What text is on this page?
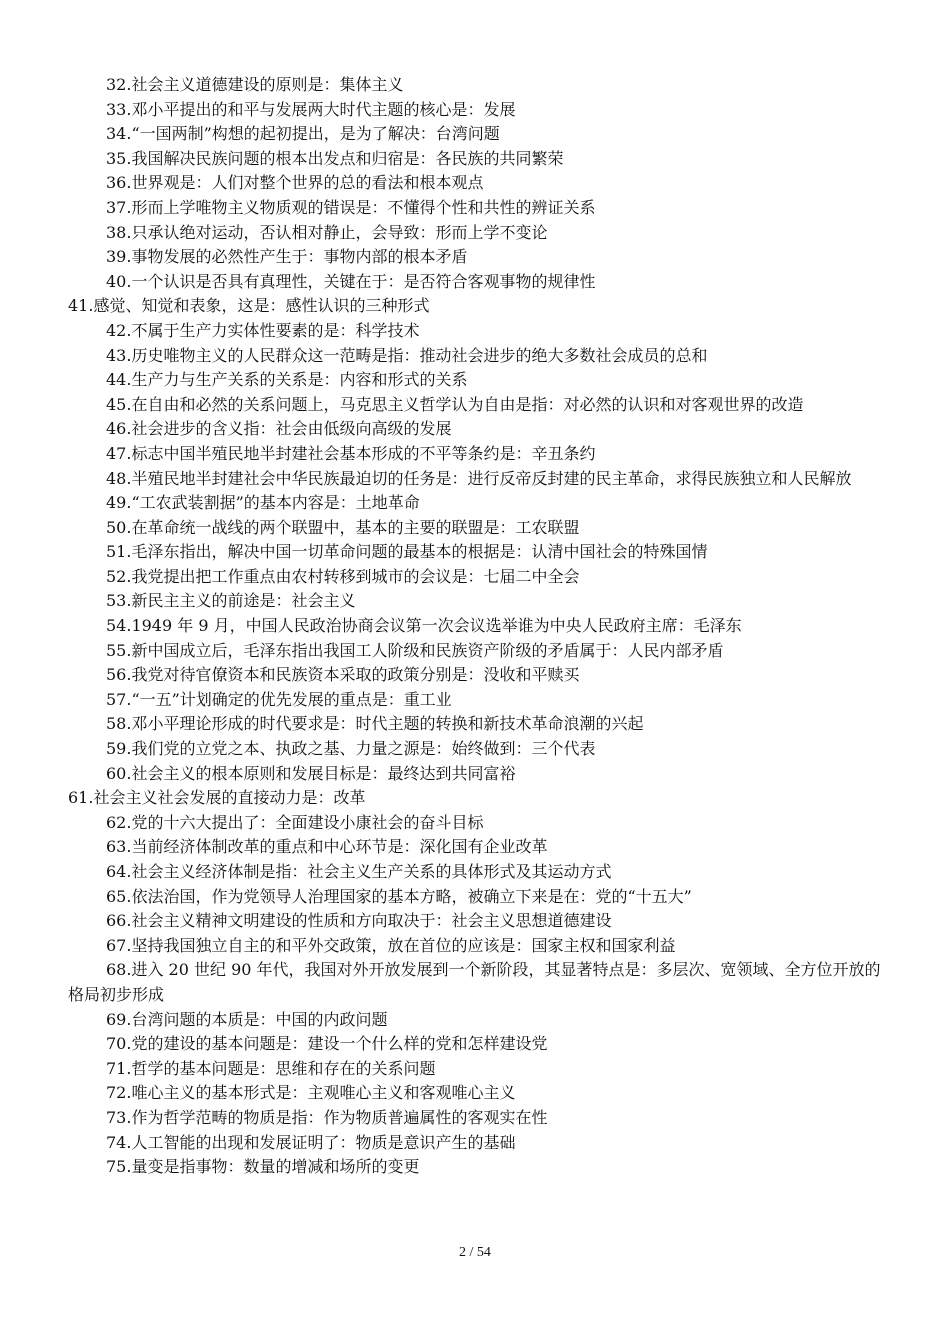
32.社会主义道德建设的原则是：集体主义

33.邓小平提出的和平与发展两大时代主题的核心是：发展

34.“一国两制”构想的起初提出，是为了解决：台湾问题

35.我国解决民族问题的根本出发点和归宿是：各民族的共同繁荣

36.世界观是：人们对整个世界的总的看法和根本观点

37.形而上学唯物主义物质观的错误是：不懂得个性和共性的辨证关系

38.只承认绝对运动，否认相对静止，会导致：形而上学不变论

39.事物发展的必然性产生于：事物内部的根本矛盾

40.一个认识是否具有真理性，关键在于：是否符合客观事物的规律性

41.感觉、知觉和表象，这是：感性认识的三种形式

42.不属于生产力实体性要素的是：科学技术

43.历史唯物主义的人民群众这一范畴是指：推动社会进步的绝大多数社会成员的总和

44.生产力与生产关系的关系是：内容和形式的关系

45.在自由和必然的关系问题上，马克思主义哲学认为自由是指：对必然的认识和对客观世界的改造

46.社会进步的含义指：社会由低级向高级的发展

47.标志中国半殖民地半封建社会基本形成的不平等条约是：辛丑条约

48.半殖民地半封建社会中华民族最迫切的任务是：进行反帝反封建的民主革命，求得民族独立和人民解放

49.“工农武装割据”的基本内容是：土地革命

50.在革命统一战线的两个联盟中，基本的主要的联盟是：工农联盟

51.毛泽东指出，解决中国一切革命问题的最基本的根据是：认清中国社会的特殊国情

52.我党提出把工作重点由农村转移到城市的会议是：七届二中全会

53.新民主主义的前途是：社会主义

54.1949 年 9 月，中国人民政治协商会议第一次会议选举谁为中央人民政府主席：毛泽东

55.新中国成立后，毛泽东指出我国工人阶级和民族资产阶级的矛盾属于：人民内部矛盾

56.我党对待官僚资本和民族资本采取的政策分别是：没收和平赎买

57.“一五”计划确定的优先发展的重点是：重工业

58.邓小平理论形成的时代要求是：时代主题的转换和新技术革命浪潮的兴起

59.我们党的立党之本、执政之基、力量之源是：始终做到：三个代表

60.社会主义的根本原则和发展目标是：最终达到共同富裕

61.社会主义社会发展的直接动力是：改革

62.党的十六大提出了：全面建设小康社会的奋斗目标

63.当前经济体制改革的重点和中心环节是：深化国有企业改革

64.社会主义经济体制是指：社会主义生产关系的具体形式及其运动方式

65.依法治国，作为党领导人治理国家的基本方略，被确立下来是在：党的“十五大”

66.社会主义精神文明建设的性质和方向取决于：社会主义思想道德建设

67.坚持我国独立自主的和平外交政策，放在首位的应该是：国家主权和国家利益

68.进入 20 世纪 90 年代，我国对外开放发展到一个新阶段，其显著特点是：多层次、宽领域、全方位开放的格局初步形成

69.台湾问题的本质是：中国的内政问题

70.党的建设的基本问题是：建设一个什么样的党和怎样建设党

71.哲学的基本问题是：思维和存在的关系问题

72.唯心主义的基本形式是：主观唯心主义和客观唯心主义

73.作为哲学范畴的物质是指：作为物质普遍属性的客观实在性

74.人工智能的出现和发展证明了：物质是意识产生的基础

75.量变是指事物：数量的增减和场所的变更

2 / 54
